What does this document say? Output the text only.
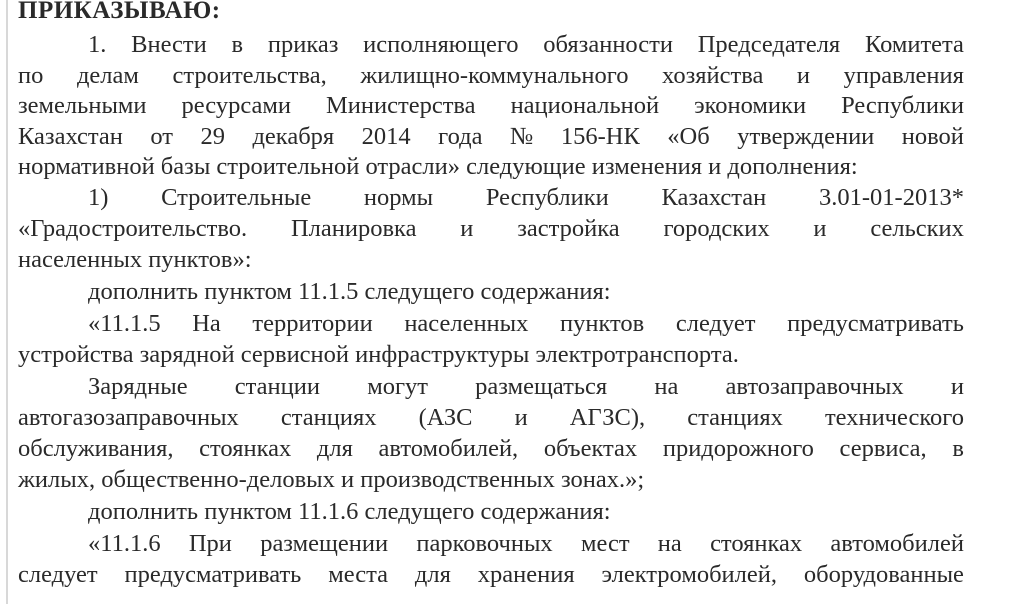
ПРИКАЗЫВАЮ:
1. Внести в приказ исполняющего обязанности Председателя Комитета
по делам строительства, жилищно-коммунального хозяйства и управления
земельными ресурсами Министерства национальной экономики Республики
Казахстан от 29 декабря 2014 года № 156-НК «Об утверждении новой
нормативной базы строительной отрасли» следующие изменения и дополнения:
1) Строительные нормы Республики Казахстан 3.01-01-2013*
«Градостроительство. Планировка и застройка городских и сельских
населенных пунктов»:
дополнить пунктом 11.1.5 следущего содержания:
«11.1.5 На территории населенных пунктов следует предусматривать
устройства зарядной сервисной инфраструктуры электротранспорта.
Зарядные станции могут размещаться на автозаправочных и
автогазозаправочных станциях (АЗС и АГЗС), станциях технического
обслуживания, стоянках для автомобилей, объектах придорожного сервиса, в
жилых, общественно-деловых и производственных зонах.»;
дополнить пунктом 11.1.6 следущего содержания:
«11.1.6 При размещении парковочных мест на стоянках автомобилей
следует предусматривать места для хранения электромобилей, оборудованные
